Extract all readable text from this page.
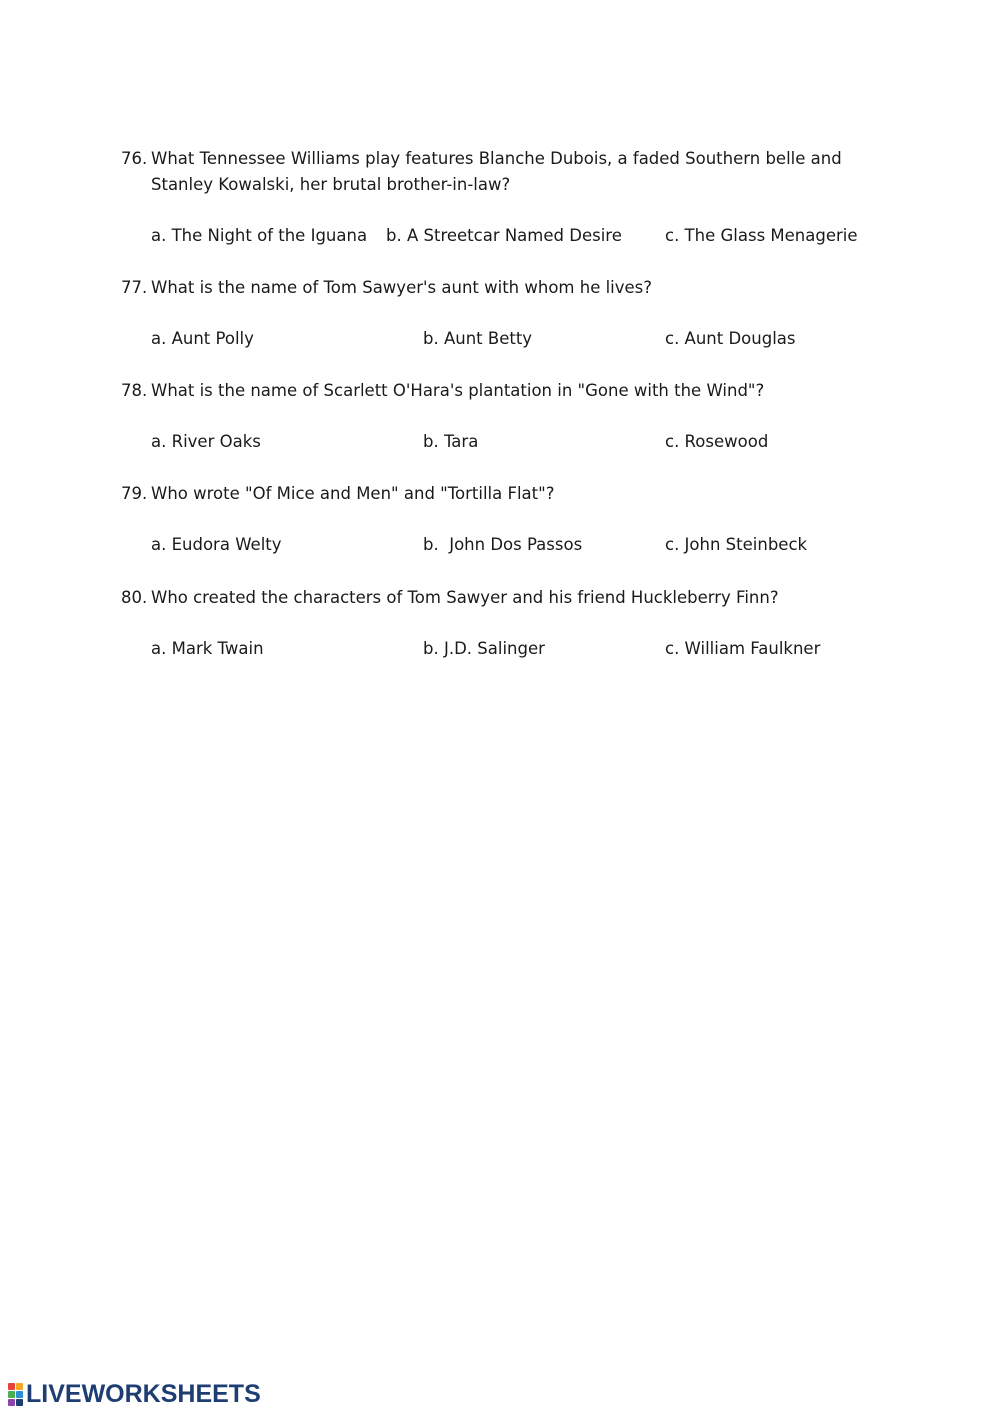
76. What Tennessee Williams play features Blanche Dubois, a faded Southern belle and Stanley Kowalski, her brutal brother-in-law?
a. The Night of the Iguana b. A Streetcar Named Desire	c. The Glass Menagerie
77. What is the name of Tom Sawyer's aunt with whom he lives?
a. Aunt Polly	b. Aunt Betty	c. Aunt Douglas
78. What is the name of Scarlett O'Hara's plantation in "Gone with the Wind"?
a. River Oaks	b. Tara	c. Rosewood
79. Who wrote "Of Mice and Men" and "Tortilla Flat"?
a. Eudora Welty	b.  John Dos Passos	c. John Steinbeck
80. Who created the characters of Tom Sawyer and his friend Huckleberry Finn?
a. Mark Twain	b. J.D. Salinger	c. William Faulkner
LIVEWORKSHEETS
